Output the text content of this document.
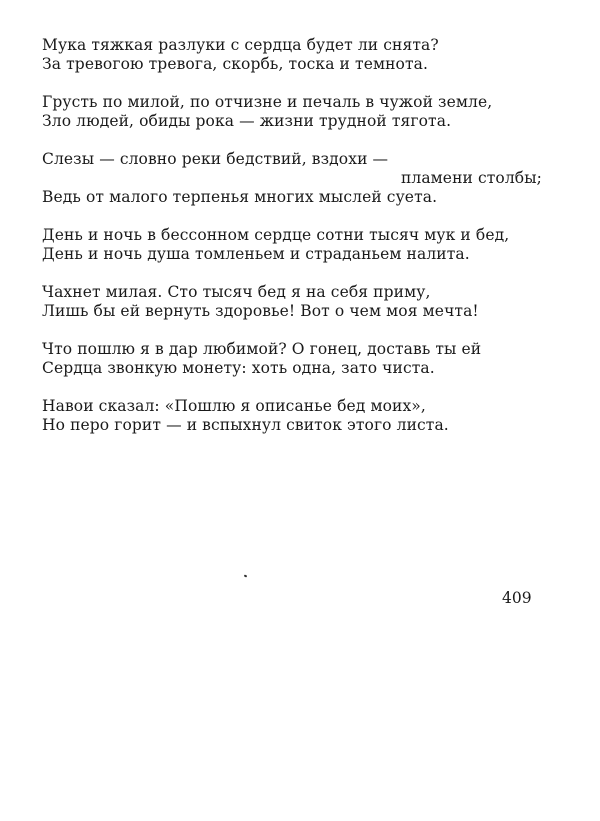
Мука тяжкая разлуки с сердца будет ли снята?
За тревогою тревога, скорбь, тоска и темнота.
Грусть по милой, по отчизне и печаль в чужой земле,
Зло людей, обиды рока — жизни трудной тягота.
Слезы — словно реки бедствий, вздохи —
пламени столбы;
Ведь от малого терпенья многих мыслей суета.
День и ночь в бессонном сердце сотни тысяч мук и бед,
День и ночь душа томленьем и страданьем налита.
Чахнет милая. Сто тысяч бед я на себя приму,
Лишь бы ей вернуть здоровье! Вот о чем моя мечта!
Что пошлю я в дар любимой? О гонец, доставь ты ей
Сердца звонкую монету: хоть одна, зато чиста.
Навои сказал: «Пошлю я описанье бед моих»,
Но перо горит — и вспыхнул свиток этого листа.
409
